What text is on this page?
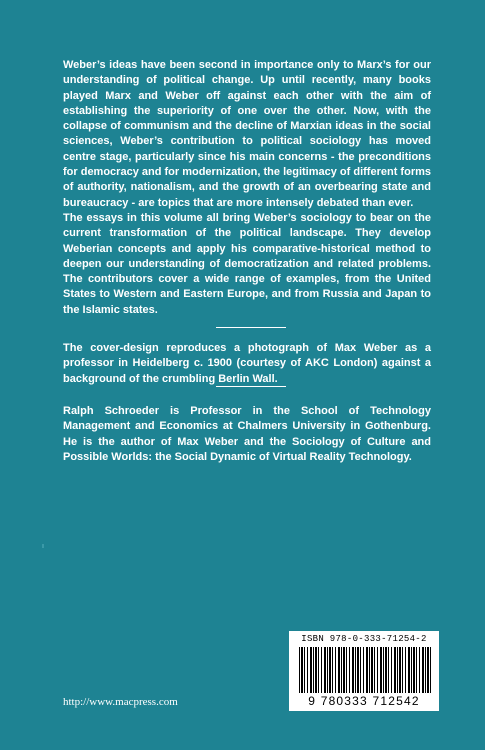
Weber’s ideas have been second in importance only to Marx’s for our understanding of political change. Up until recently, many books played Marx and Weber off against each other with the aim of establishing the superiority of one over the other. Now, with the collapse of communism and the decline of Marxian ideas in the social sciences, Weber’s contribution to political sociology has moved centre stage, particularly since his main concerns - the preconditions for democracy and for modernization, the legitimacy of different forms of authority, nationalism, and the growth of an overbearing state and bureaucracy - are topics that are more intensely debated than ever.

The essays in this volume all bring Weber’s sociology to bear on the current transformation of the political landscape. They develop Weberian concepts and apply his comparative-historical method to deepen our understanding of democratization and related problems. The contributors cover a wide range of examples, from the United States to Western and Eastern Europe, and from Russia and Japan to the Islamic states.

The cover-design reproduces a photograph of Max Weber as a professor in Heidelberg c. 1900 (courtesy of AKC London) against a background of the crumbling Berlin Wall.

Ralph Schroeder is Professor in the School of Technology Management and Economics at Chalmers University in Gothenburg. He is the author of Max Weber and the Sociology of Culture and Possible Worlds: the Social Dynamic of Virtual Reality Technology.

http://www.macpress.com
ISBN 978-0-333-71254-2
9 780333 712542
